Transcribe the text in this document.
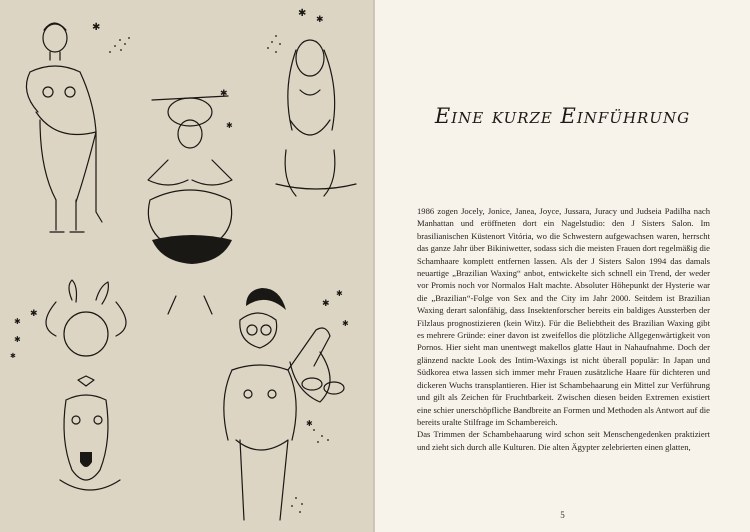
✱
✱
✱
✱
✱
✱
✱
✱
✱
✱
✱
✱
✱
Eine kurze Einführung

1986 zogen Jocely, Jonice, Janea, Joyce, Jussara, Juracy und Judseia Padilha nach Manhattan und eröffneten dort ein Nagelstudio: den J Sisters Salon. Im brasilianischen Küstenort Vitória, wo die Schwestern aufgewachsen waren, herrscht das ganze Jahr über Bikiniwetter, sodass sich die meisten Frauen dort regelmäßig die Schamhaare komplett entfernen lassen. Als der J Sisters Salon 1994 das damals neuartige „Brazilian Waxing“ anbot, entwickelte sich schnell ein Trend, der weder vor Promis noch vor Normalos Halt machte. Absoluter Höhepunkt der Hysterie war die „Brazilian“-Folge von Sex and the City im Jahr 2000. Seitdem ist Brazilian Waxing derart salonfähig, dass Insektenforscher bereits ein baldiges Aussterben der Filzlaus prognostizieren (kein Witz). Für die Beliebtheit des Brazilian Waxing gibt es mehrere Gründe: einer davon ist zweifellos die plötzliche Allgegenwärtigkeit von Pornos. Hier sieht man unentwegt makellos glatte Haut in Nahaufnahme. Doch der glänzend nackte Look des Intim-Waxings ist nicht überall populär: In Japan und Südkorea etwa lassen sich immer mehr Frauen zusätzliche Haare für dichteren und dickeren Wuchs transplantieren. Hier ist Schambehaarung ein Mittel zur Verführung und gilt als Zeichen für Fruchtbarkeit. Zwischen diesen beiden Extremen existiert eine schier unerschöpfliche Bandbreite an Formen und Methoden als Antwort auf die bereits uralte Stilfrage im Schambereich.

Das Trimmen der Schambehaarung wird schon seit Menschengedenken praktiziert und zieht sich durch alle Kulturen. Die alten Ägypter zelebrierten einen glatten,

5
